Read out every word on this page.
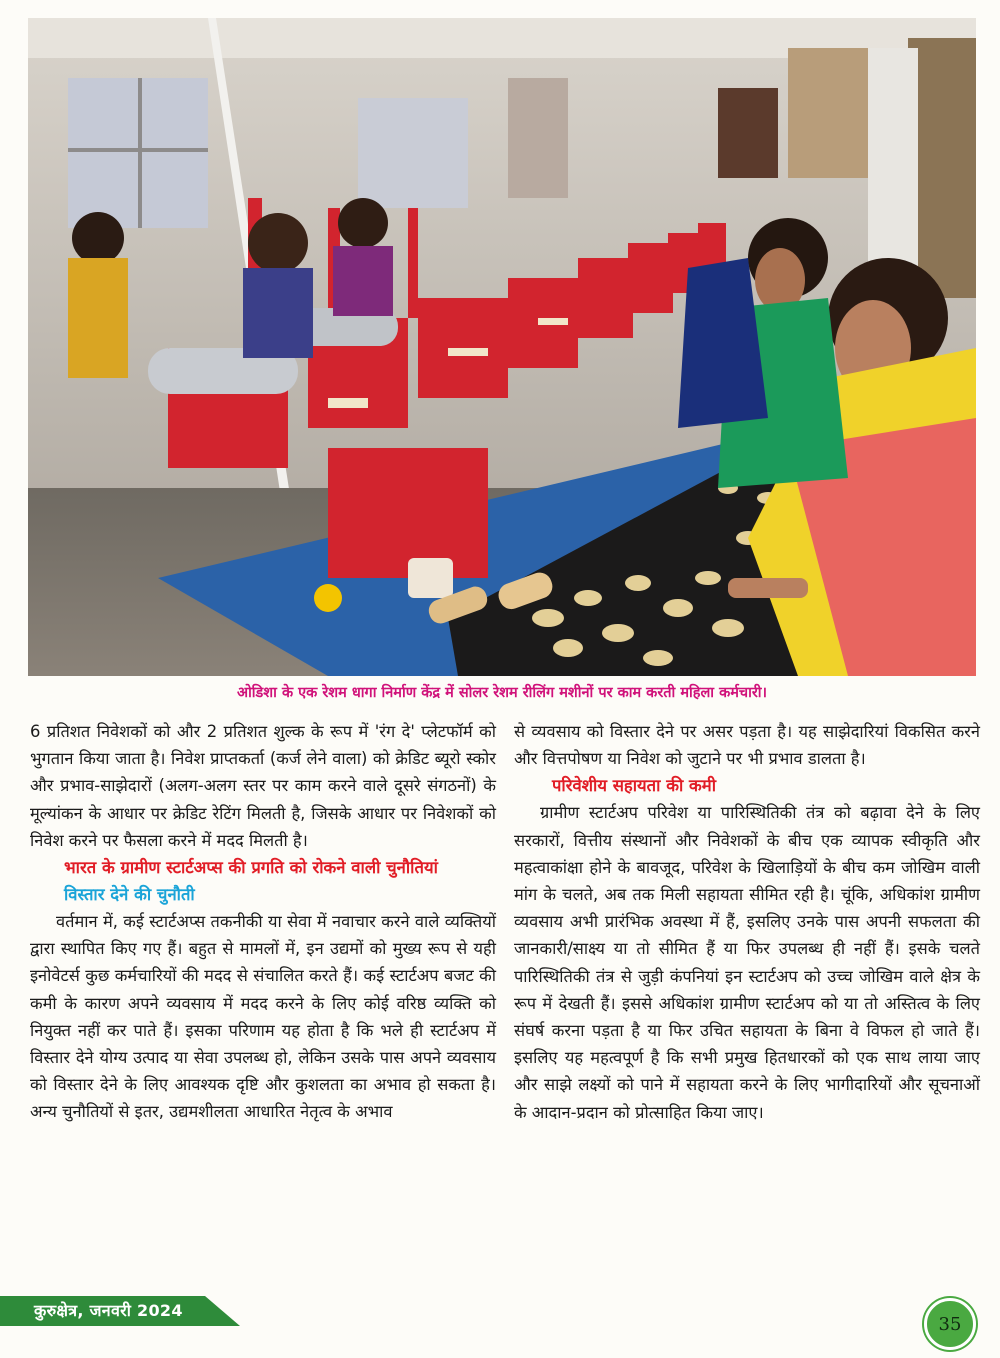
ओडिशा के एक रेशम धागा निर्माण केंद्र में सोलर रेशम रीलिंग मशीनों पर काम करती महिला कर्मचारी।

6 प्रतिशत निवेशकों को और 2 प्रतिशत शुल्क के रूप में 'रंग दे' प्लेटफॉर्म को भुगतान किया जाता है। निवेश प्राप्तकर्ता (कर्ज लेने वाला) को क्रेडिट ब्यूरो स्कोर और प्रभाव-साझेदारों (अलग-अलग स्तर पर काम करने वाले दूसरे संगठनों) के मूल्यांकन के आधार पर क्रेडिट रेटिंग मिलती है, जिसके आधार पर निवेशकों को निवेश करने पर फैसला करने में मदद मिलती है।

भारत के ग्रामीण स्टार्टअप्स की प्रगति को रोकने वाली चुनौतियां

विस्तार देने की चुनौती

वर्तमान में, कई स्टार्टअप्स तकनीकी या सेवा में नवाचार करने वाले व्यक्तियों द्वारा स्थापित किए गए हैं। बहुत से मामलों में, इन उद्यमों को मुख्य रूप से यही इनोवेटर्स कुछ कर्मचारियों की मदद से संचालित करते हैं। कई स्टार्टअप बजट की कमी के कारण अपने व्यवसाय में मदद करने के लिए कोई वरिष्ठ व्यक्ति को नियुक्त नहीं कर पाते हैं। इसका परिणाम यह होता है कि भले ही स्टार्टअप में विस्तार देने योग्य उत्पाद या सेवा उपलब्ध हो, लेकिन उसके पास अपने व्यवसाय को विस्तार देने के लिए आवश्यक दृष्टि और कुशलता का अभाव हो सकता है। अन्य चुनौतियों से इतर, उद्यमशीलता आधारित नेतृत्व के अभाव

से व्यवसाय को विस्तार देने पर असर पड़ता है। यह साझेदारियां विकसित करने और वित्तपोषण या निवेश को जुटाने पर भी प्रभाव डालता है।

परिवेशीय सहायता की कमी

ग्रामीण स्टार्टअप परिवेश या पारिस्थितिकी तंत्र को बढ़ावा देने के लिए सरकारों, वित्तीय संस्थानों और निवेशकों के बीच एक व्यापक स्वीकृति और महत्वाकांक्षा होने के बावजूद, परिवेश के खिलाड़ियों के बीच कम जोखिम वाली मांग के चलते, अब तक मिली सहायता सीमित रही है। चूंकि, अधिकांश ग्रामीण व्यवसाय अभी प्रारंभिक अवस्था में हैं, इसलिए उनके पास अपनी सफलता की जानकारी/साक्ष्य या तो सीमित हैं या फिर उपलब्ध ही नहीं हैं। इसके चलते पारिस्थितिकी तंत्र से जुड़ी कंपनियां इन स्टार्टअप को उच्च जोखिम वाले क्षेत्र के रूप में देखती हैं। इससे अधिकांश ग्रामीण स्टार्टअप को या तो अस्तित्व के लिए संघर्ष करना पड़ता है या फिर उचित सहायता के बिना वे विफल हो जाते हैं। इसलिए यह महत्वपूर्ण है कि सभी प्रमुख हितधारकों को एक साथ लाया जाए और साझे लक्ष्यों को पाने में सहायता करने के लिए भागीदारियों और सूचनाओं के आदान-प्रदान को प्रोत्साहित किया जाए।

कुरुक्षेत्र, जनवरी 2024
35
